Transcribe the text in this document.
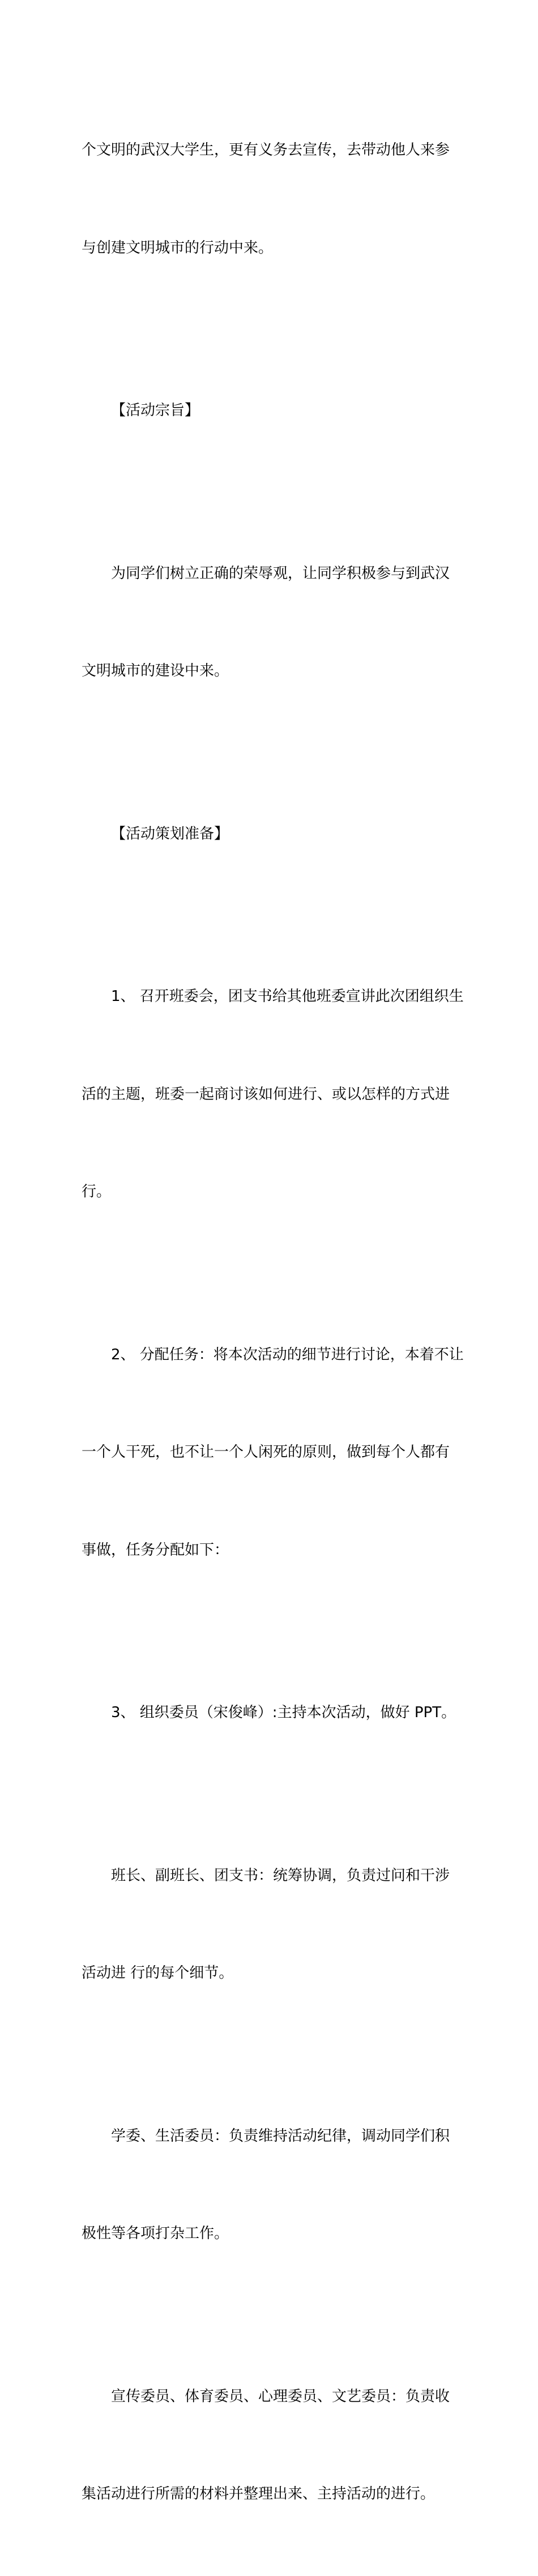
个文明的武汉大学生，更有义务去宣传，去带动他人来参

与创建文明城市的行动中来。

【活动宗旨】

为同学们树立正确的荣辱观，让同学积极参与到武汉

文明城市的建设中来。

【活动策划准备】

1、 召开班委会，团支书给其他班委宣讲此次团组织生

活的主题，班委一起商讨该如何进行、或以怎样的方式进

行。

2、 分配任务：将本次活动的细节进行讨论，本着不让

一个人干死，也不让一个人闲死的原则，做到每个人都有

事做，任务分配如下：

3、 组织委员（宋俊峰）:主持本次活动，做好 PPT。

班长、副班长、团支书：统筹协调，负责过问和干涉

活动进 行的每个细节。

学委、生活委员：负责维持活动纪律，调动同学们积

极性等各项打杂工作。

宣传委员、体育委员、心理委员、文艺委员：负责收

集活动进行所需的材料并整理出来、主持活动的进行。
